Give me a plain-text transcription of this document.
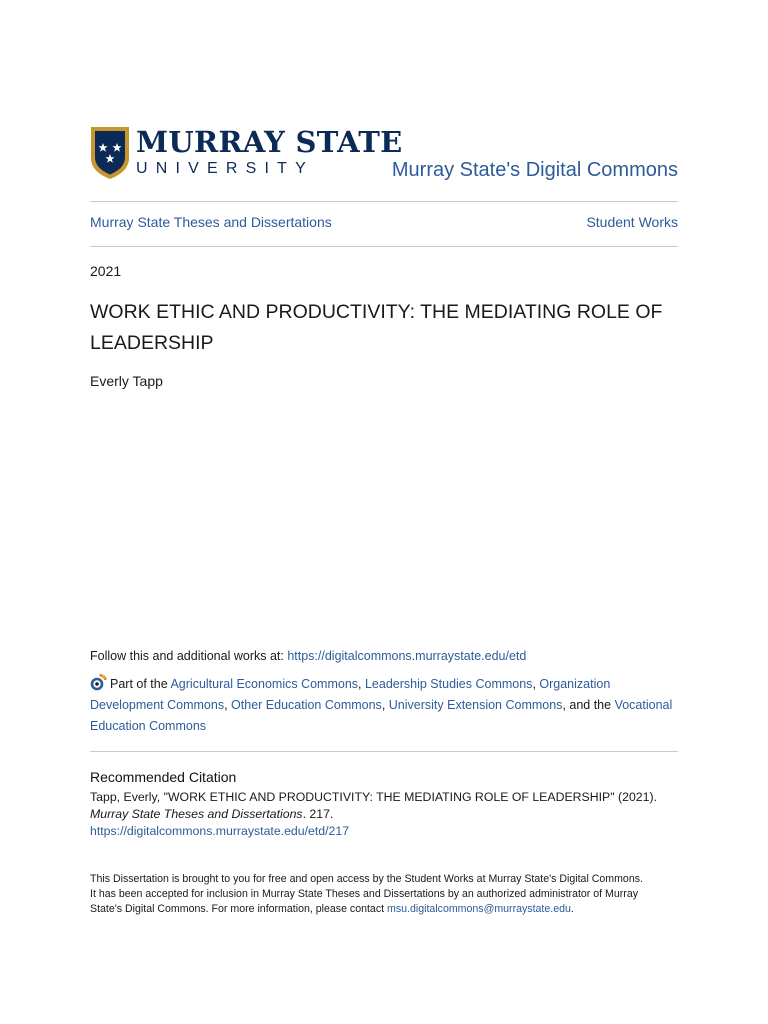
MURRAY STATE
UNIVERSITY	Murray State's Digital Commons
Murray State Theses and Dissertations	Student Works
2021
WORK ETHIC AND PRODUCTIVITY: THE MEDIATING ROLE OF LEADERSHIP
Everly Tapp
Follow this and additional works at: https://digitalcommons.murraystate.edu/etd
Part of the Agricultural Economics Commons, Leadership Studies Commons, Organization Development Commons, Other Education Commons, University Extension Commons, and the Vocational Education Commons
Recommended Citation
Tapp, Everly, "WORK ETHIC AND PRODUCTIVITY: THE MEDIATING ROLE OF LEADERSHIP" (2021). Murray State Theses and Dissertations. 217.
https://digitalcommons.murraystate.edu/etd/217
This Dissertation is brought to you for free and open access by the Student Works at Murray State's Digital Commons. It has been accepted for inclusion in Murray State Theses and Dissertations by an authorized administrator of Murray State's Digital Commons. For more information, please contact msu.digitalcommons@murraystate.edu.
